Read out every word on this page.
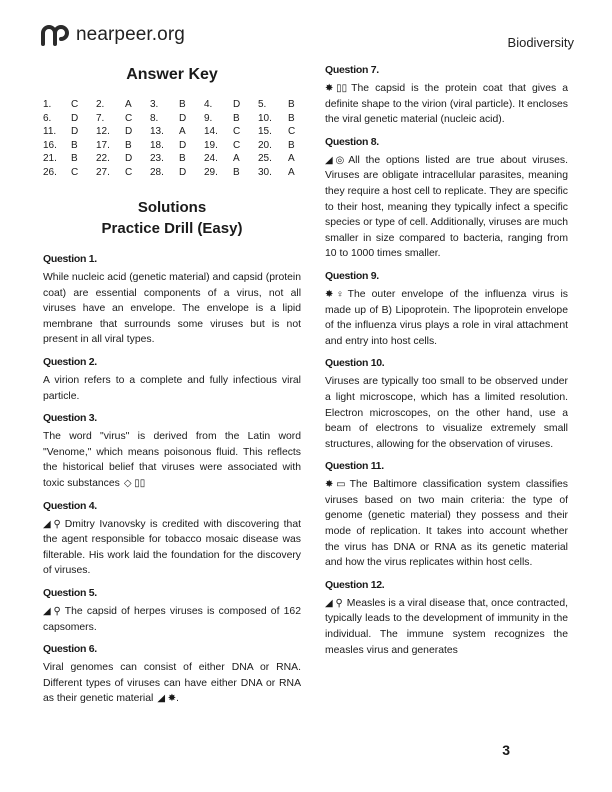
nearpeer.org	Biodiversity
Answer Key
1.	C	2.	A	3.	B	4.	D	5.	B
6.	D	7.	C	8.	D	9.	B	10.	B
11.	D	12.	D	13.	A	14.	C	15.	C
16.	B	17.	B	18.	D	19.	C	20.	B
21.	B	22.	D	23.	B	24.	A	25.	A
26.	C	27.	C	28.	D	29.	B	30.	A
Solutions
Practice Drill (Easy)
Question 1.
While nucleic acid (genetic material) and capsid (protein coat) are essential components of a virus, not all viruses have an envelope. The envelope is a lipid membrane that surrounds some viruses but is not present in all viral types.
Question 2.
A virion refers to a complete and fully infectious viral particle.
Question 3.
The word "virus" is derived from the Latin word "Venome," which means poisonous fluid. This reflects the historical belief that viruses were associated with toxic substances ◇ ▯▯
Question 4.
◢ ⚲ Dmitry Ivanovsky is credited with discovering that the agent responsible for tobacco mosaic disease was filterable. His work laid the foundation for the discovery of viruses.
Question 5.
◢ ⚲ The capsid of herpes viruses is composed of 162 capsomers.
Question 6.
Viral genomes can consist of either DNA or RNA. Different types of viruses can have either DNA or RNA as their genetic material ◢ ✸.
Question 7.
✸ ▯▯ The capsid is the protein coat that gives a definite shape to the virion (viral particle). It encloses the viral genetic material (nucleic acid).
Question 8.
◢ ◎ All the options listed are true about viruses. Viruses are obligate intracellular parasites, meaning they require a host cell to replicate. They are specific to their host, meaning they typically infect a specific species or type of cell. Additionally, viruses are much smaller in size compared to bacteria, ranging from 10 to 1000 times smaller.
Question 9.
✸ ♀ The outer envelope of the influenza virus is made up of B) Lipoprotein. The lipoprotein envelope of the influenza virus plays a role in viral attachment and entry into host cells.
Question 10.
Viruses are typically too small to be observed under a light microscope, which has a limited resolution. Electron microscopes, on the other hand, use a beam of electrons to visualize extremely small structures, allowing for the observation of viruses.
Question 11.
✸ ▭ The Baltimore classification system classifies viruses based on two main criteria: the type of genome (genetic material) they possess and their mode of replication. It takes into account whether the virus has DNA or RNA as its genetic material and how the virus replicates within host cells.
Question 12.
◢ ⚲ Measles is a viral disease that, once contracted, typically leads to the development of immunity in the individual. The immune system recognizes the measles virus and generates
3
